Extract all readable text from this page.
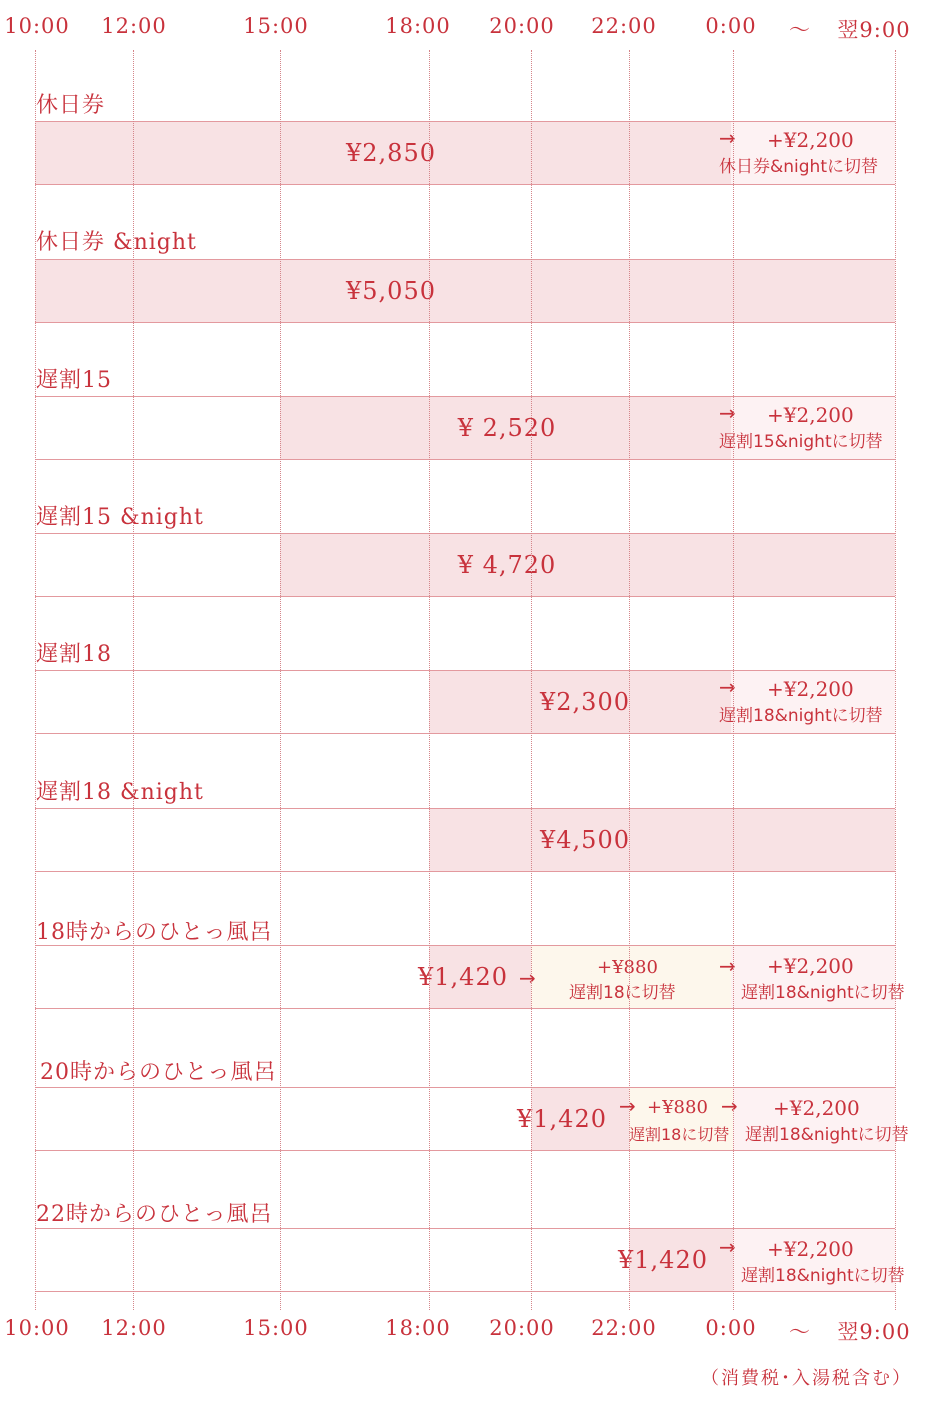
10:00 12:00	15:00	18:00 20:00 22:00 0:00 〜 翌9:00
10:00 12:00	15:00	18:00 20:00 22:00 0:00 〜 翌9:00
休日券
¥2,850
→ +¥2,200
休日券&nightに切替
休日券 &night
¥5,050
遅割15
¥ 2,520
→ +¥2,200
遅割15&nightに切替
遅割15 &night
¥ 4,720
遅割18
¥2,300
→ +¥2,200
遅割18&nightに切替
遅割18 &night
¥4,500
18時からのひとっ風呂
¥1,420 →	+¥880
遅割18に切替
→ +¥2,200
遅割18&nightに切替
20時からのひとっ風呂
¥1,420 → +¥880
遅割18に切替
→ +¥2,200
遅割18&nightに切替
22時からのひとっ風呂
¥1,420 → +¥2,200
遅割18&nightに切替
（消費税･入湯税含む）
